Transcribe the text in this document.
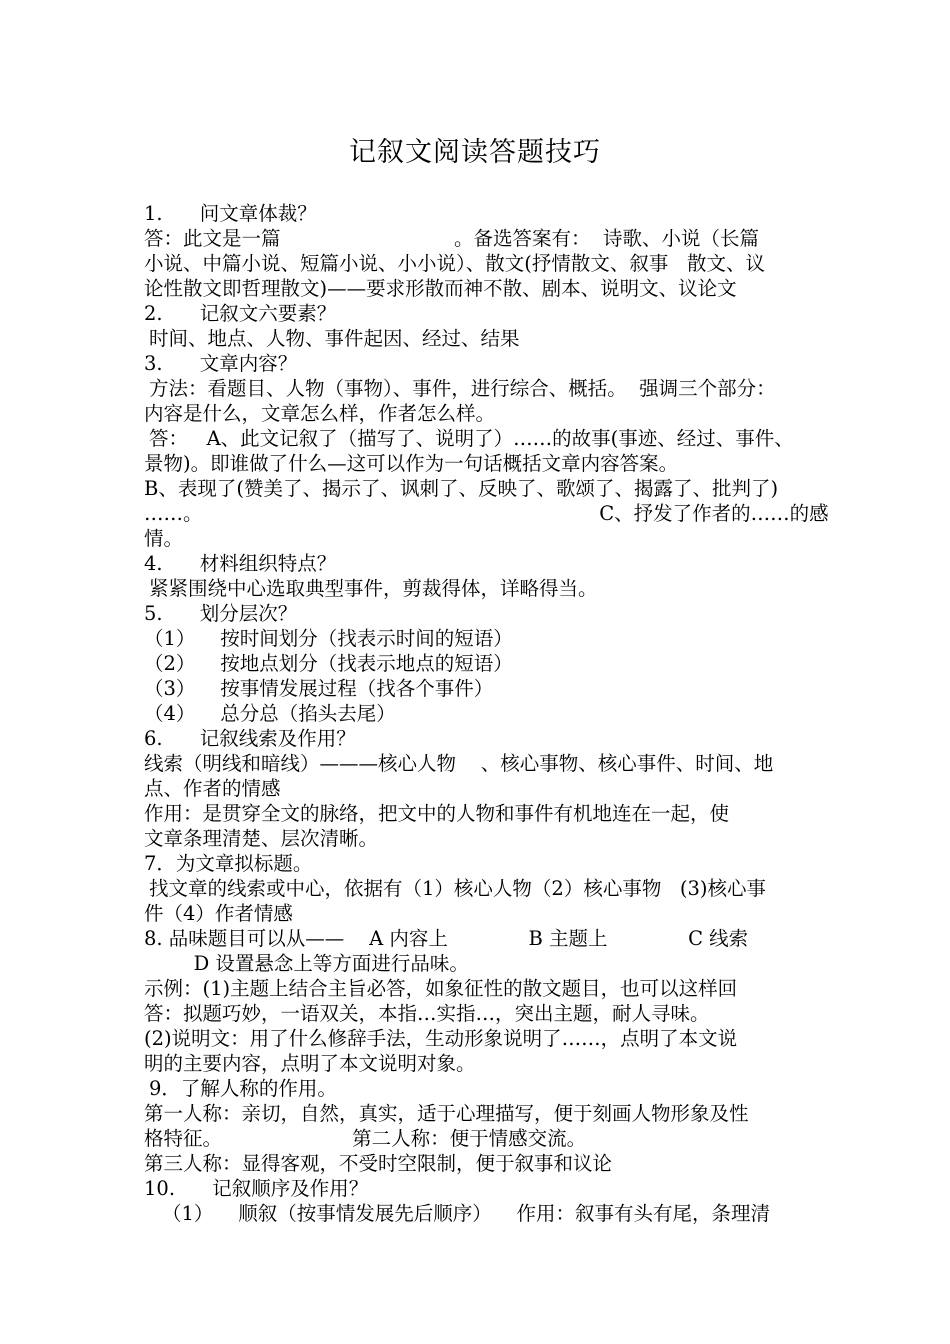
记叙文阅读答题技巧
1.      问文章体裁？
答：此文是一篇                            。备选答案有：  诗歌、小说（长篇
小说、中篇小说、短篇小说、小小说）、散文(抒情散文、叙事   散文、议
论性散文即哲理散文)——要求形散而神不散、剧本、说明文、议论文
2.      记叙文六要素？
时间、地点、人物、事件起因、经过、结果
3.      文章内容？
方法：看题目、人物（事物）、事件，进行综合、概括。  强调三个部分：
内容是什么，文章怎么样，作者怎么样。
答：   A、此文记叙了（描写了、说明了）……的故事(事迹、经过、事件、
景物)。即谁做了什么—这可以作为一句话概括文章内容答案。
B、表现了(赞美了、揭示了、讽刺了、反映了、歌颂了、揭露了、批判了)
……。                                                                C、抒发了作者的……的感
情。
4.      材料组织特点？
紧紧围绕中心选取典型事件，剪裁得体，详略得当。
5.      划分层次？
（1）    按时间划分（找表示时间的短语）
（2）    按地点划分（找表示地点的短语）
（3）    按事情发展过程（找各个事件）
（4）    总分总（掐头去尾）
6.      记叙线索及作用？
线索（明线和暗线）———核心人物    、核心事物、核心事件、时间、地
点、作者的情感
作用：是贯穿全文的脉络，把文中的人物和事件有机地连在一起，使
文章条理清楚、层次清晰。
7．为文章拟标题。
找文章的线索或中心，依据有（1）核心人物（2）核心事物   (3)核心事
件（4）作者情感
8. 品味题目可以从——    A 内容上             B 主题上             C 线索
D 设置悬念上等方面进行品味。
示例：(1)主题上结合主旨必答，如象征性的散文题目，也可以这样回
答：拟题巧妙，一语双关，本指…实指…，突出主题，耐人寻味。
(2)说明文：用了什么修辞手法，生动形象说明了……，点明了本文说
明的主要内容，点明了本文说明对象。
9．了解人称的作用。
第一人称：亲切，自然，真实，适于心理描写，便于刻画人物形象及性
格特征。                     第二人称：便于情感交流。
第三人称：显得客观，不受时空限制，便于叙事和议论
10.      记叙顺序及作用？
（1）    顺叙（按事情发展先后顺序）    作用：叙事有头有尾，条理清
